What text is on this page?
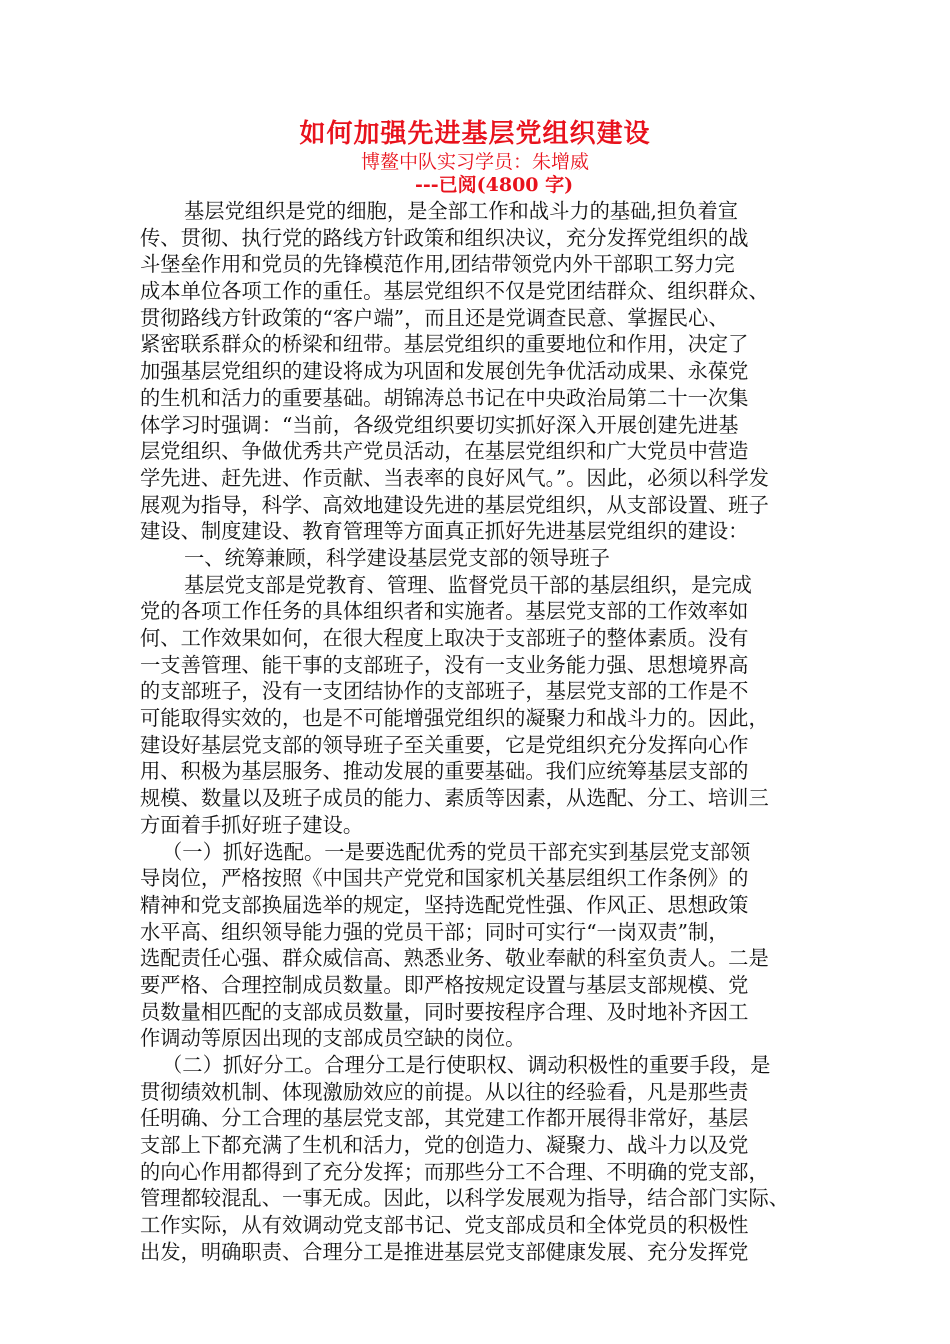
如何加强先进基层党组织建设
博鳌中队实习学员：朱增威
---已阅(4800 字)
基层党组织是党的细胞，是全部工作和战斗力的基础,担负着宣
传、贯彻、执行党的路线方针政策和组织决议，充分发挥党组织的战
斗堡垒作用和党员的先锋模范作用,团结带领党内外干部职工努力完
成本单位各项工作的重任。基层党组织不仅是党团结群众、组织群众、
贯彻路线方针政策的“客户端”，而且还是党调查民意、掌握民心、
紧密联系群众的桥梁和纽带。基层党组织的重要地位和作用，决定了
加强基层党组织的建设将成为巩固和发展创先争优活动成果、永葆党
的生机和活力的重要基础。胡锦涛总书记在中央政治局第二十一次集
体学习时强调：“当前，各级党组织要切实抓好深入开展创建先进基
层党组织、争做优秀共产党员活动，在基层党组织和广大党员中营造
学先进、赶先进、作贡献、当表率的良好风气。”。因此，必须以科学发
展观为指导，科学、高效地建设先进的基层党组织，从支部设置、班子
建设、制度建设、教育管理等方面真正抓好先进基层党组织的建设：
一、统筹兼顾，科学建设基层党支部的领导班子
基层党支部是党教育、管理、监督党员干部的基层组织，是完成
党的各项工作任务的具体组织者和实施者。基层党支部的工作效率如
何、工作效果如何，在很大程度上取决于支部班子的整体素质。没有
一支善管理、能干事的支部班子，没有一支业务能力强、思想境界高
的支部班子，没有一支团结协作的支部班子，基层党支部的工作是不
可能取得实效的，也是不可能增强党组织的凝聚力和战斗力的。因此，
建设好基层党支部的领导班子至关重要，它是党组织充分发挥向心作
用、积极为基层服务、推动发展的重要基础。我们应统筹基层支部的
规模、数量以及班子成员的能力、素质等因素，从选配、分工、培训三
方面着手抓好班子建设。
（一）抓好选配。一是要选配优秀的党员干部充实到基层党支部领
导岗位，严格按照《中国共产党党和国家机关基层组织工作条例》的
精神和党支部换届选举的规定，坚持选配党性强、作风正、思想政策
水平高、组织领导能力强的党员干部；同时可实行“一岗双责”制，
选配责任心强、群众威信高、熟悉业务、敬业奉献的科室负责人。二是
要严格、合理控制成员数量。即严格按规定设置与基层支部规模、党
员数量相匹配的支部成员数量，同时要按程序合理、及时地补齐因工
作调动等原因出现的支部成员空缺的岗位。
（二）抓好分工。合理分工是行使职权、调动积极性的重要手段，是
贯彻绩效机制、体现激励效应的前提。从以往的经验看，凡是那些责
任明确、分工合理的基层党支部，其党建工作都开展得非常好，基层
支部上下都充满了生机和活力，党的创造力、凝聚力、战斗力以及党
的向心作用都得到了充分发挥；而那些分工不合理、不明确的党支部，
管理都较混乱、一事无成。因此，以科学发展观为指导，结合部门实际、
工作实际，从有效调动党支部书记、党支部成员和全体党员的积极性
出发，明确职责、合理分工是推进基层党支部健康发展、充分发挥党
